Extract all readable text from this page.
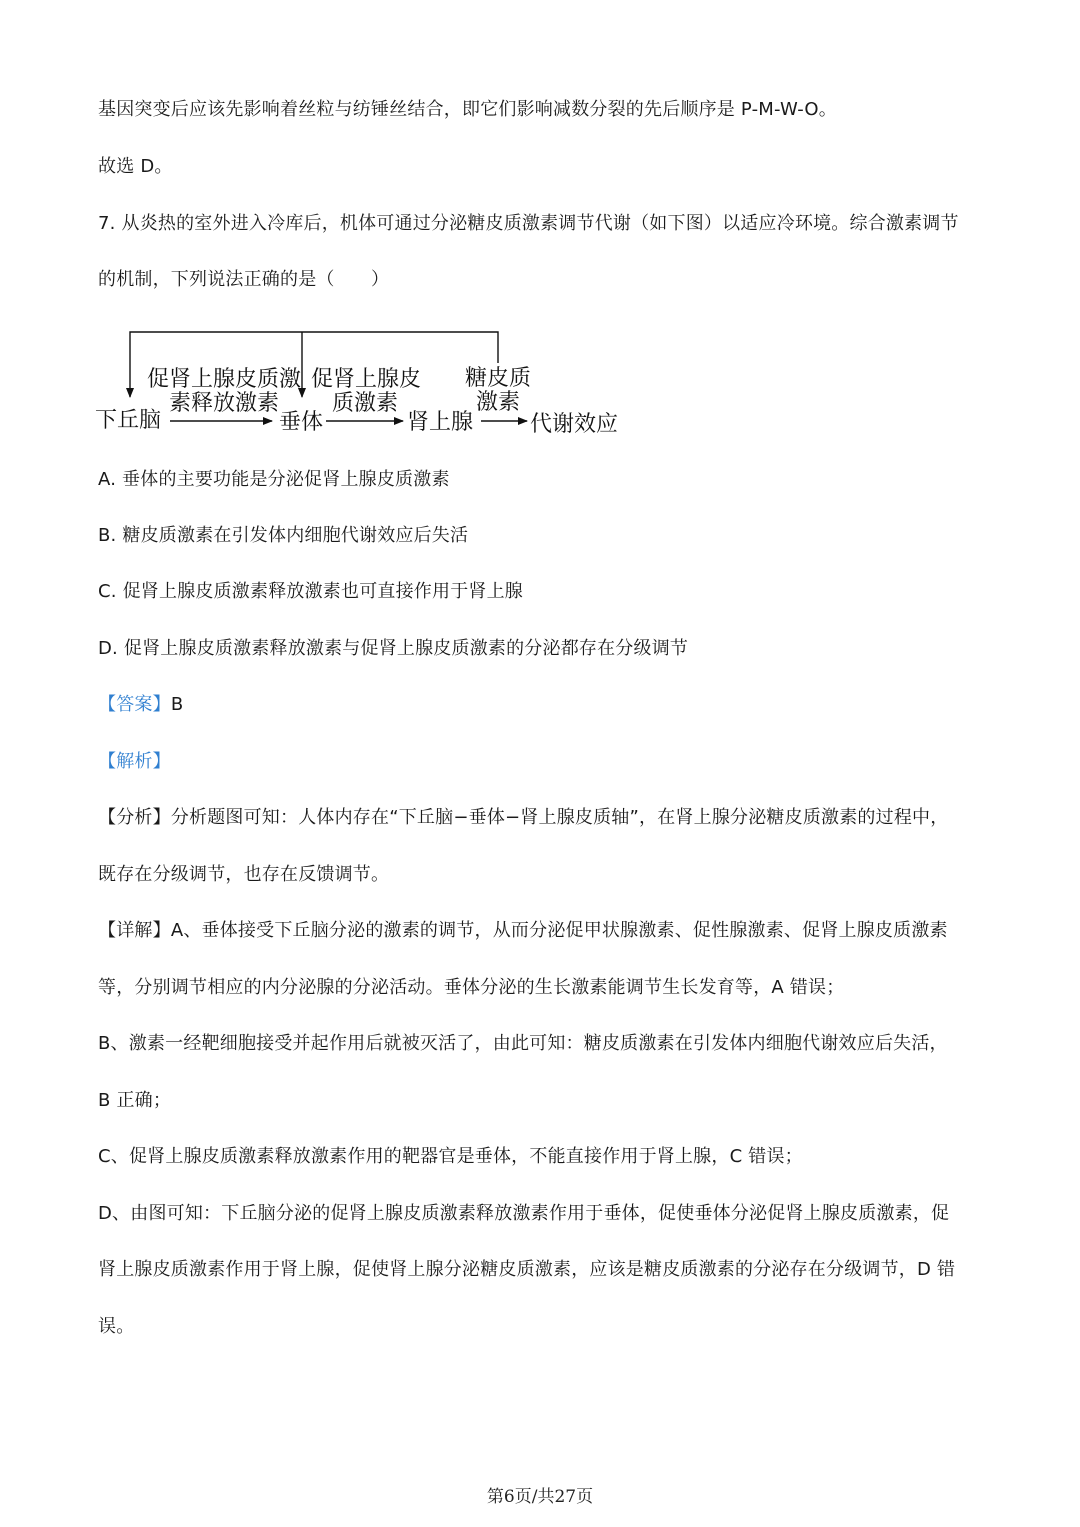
基因突变后应该先影响着丝粒与纺锤丝结合，即它们影响减数分裂的先后顺序是 P-M-W-O。
故选 D。
7. 从炎热的室外进入冷库后，机体可通过分泌糖皮质激素调节代谢（如下图）以适应冷环境。综合激素调节
的机制，下列说法正确的是（　　）
下丘脑
促肾上腺皮质激
素释放激素
垂体
促肾上腺皮
质激素
肾上腺
糖皮质
激素
代谢效应
A. 垂体的主要功能是分泌促肾上腺皮质激素
B. 糖皮质激素在引发体内细胞代谢效应后失活
C. 促肾上腺皮质激素释放激素也可直接作用于肾上腺
D. 促肾上腺皮质激素释放激素与促肾上腺皮质激素的分泌都存在分级调节
【答案】B
【解析】
【分析】分析题图可知：人体内存在“下丘脑−垂体−肾上腺皮质轴”，在肾上腺分泌糖皮质激素的过程中，
既存在分级调节，也存在反馈调节。
【详解】A、垂体接受下丘脑分泌的激素的调节，从而分泌促甲状腺激素、促性腺激素、促肾上腺皮质激素
等，分别调节相应的内分泌腺的分泌活动。垂体分泌的生长激素能调节生长发育等，A 错误；
B、激素一经靶细胞接受并起作用后就被灭活了，由此可知：糖皮质激素在引发体内细胞代谢效应后失活，
B 正确；
C、促肾上腺皮质激素释放激素作用的靶器官是垂体，不能直接作用于肾上腺，C 错误；
D、由图可知：下丘脑分泌的促肾上腺皮质激素释放激素作用于垂体，促使垂体分泌促肾上腺皮质激素，促
肾上腺皮质激素作用于肾上腺，促使肾上腺分泌糖皮质激素，应该是糖皮质激素的分泌存在分级调节，D 错
误。
第6页/共27页
